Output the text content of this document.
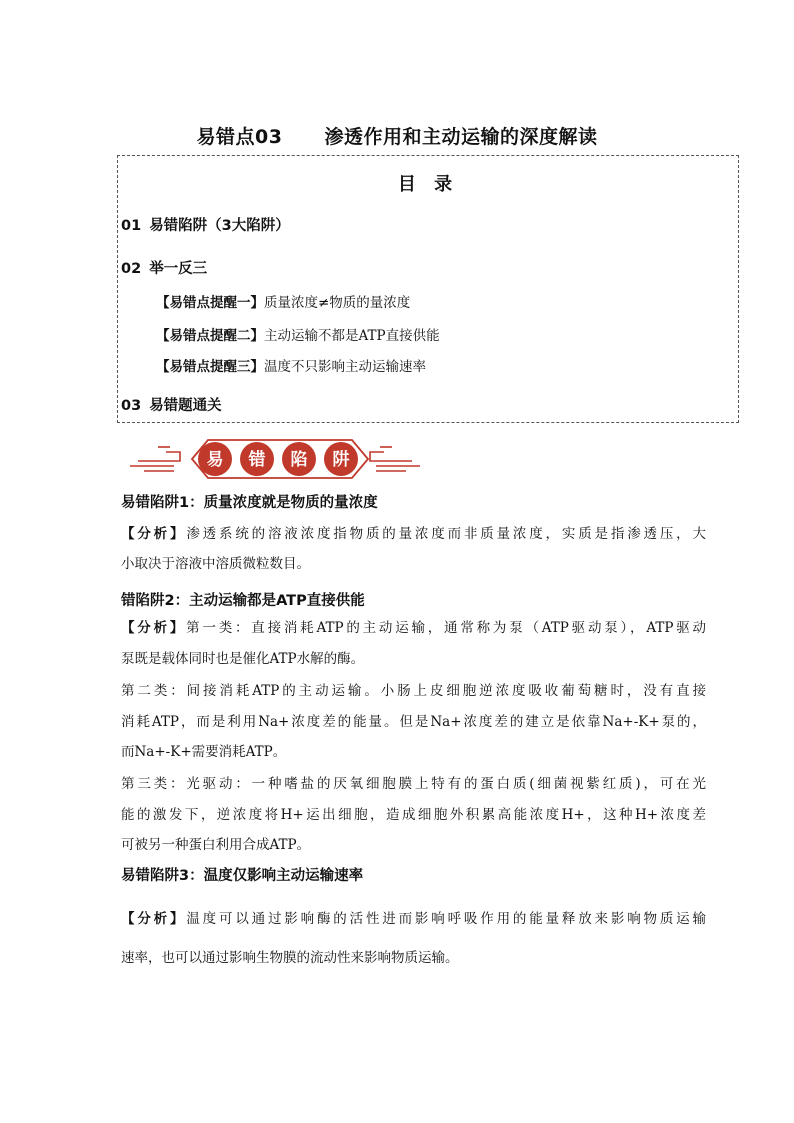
易错点03 渗透作用和主动运输的深度解读
目 录
01 易错陷阱（3大陷阱）
02 举一反三
【易错点提醒一】质量浓度≠物质的量浓度
【易错点提醒二】主动运输不都是ATP直接供能
【易错点提醒三】温度不只影响主动运输速率
03 易错题通关
易 错 陷 阱
易错陷阱1：质量浓度就是物质的量浓度
【分析】渗透系统的溶液浓度指物质的量浓度而非质量浓度，实质是指渗透压，大
小取决于溶液中溶质微粒数目。
错陷阱2：主动运输都是ATP直接供能
【分析】第一类：直接消耗ATP的主动运输，通常称为泵（ATP驱动泵），ATP驱动
泵既是载体同时也是催化ATP水解的酶。
第二类：间接消耗ATP的主动运输。小肠上皮细胞逆浓度吸收葡萄糖时，没有直接
消耗ATP，而是利用Na+浓度差的能量。但是Na+浓度差的建立是依靠Na+-K+泵的，
而Na+-K+需要消耗ATP。
第三类：光驱动：一种嗜盐的厌氧细胞膜上特有的蛋白质(细菌视紫红质)，可在光
能的激发下，逆浓度将H+运出细胞，造成细胞外积累高能浓度H+，这种H+浓度差
可被另一种蛋白利用合成ATP。
易错陷阱3：温度仅影响主动运输速率
【分析】温度可以通过影响酶的活性进而影响呼吸作用的能量释放来影响物质运输
速率，也可以通过影响生物膜的流动性来影响物质运输。
